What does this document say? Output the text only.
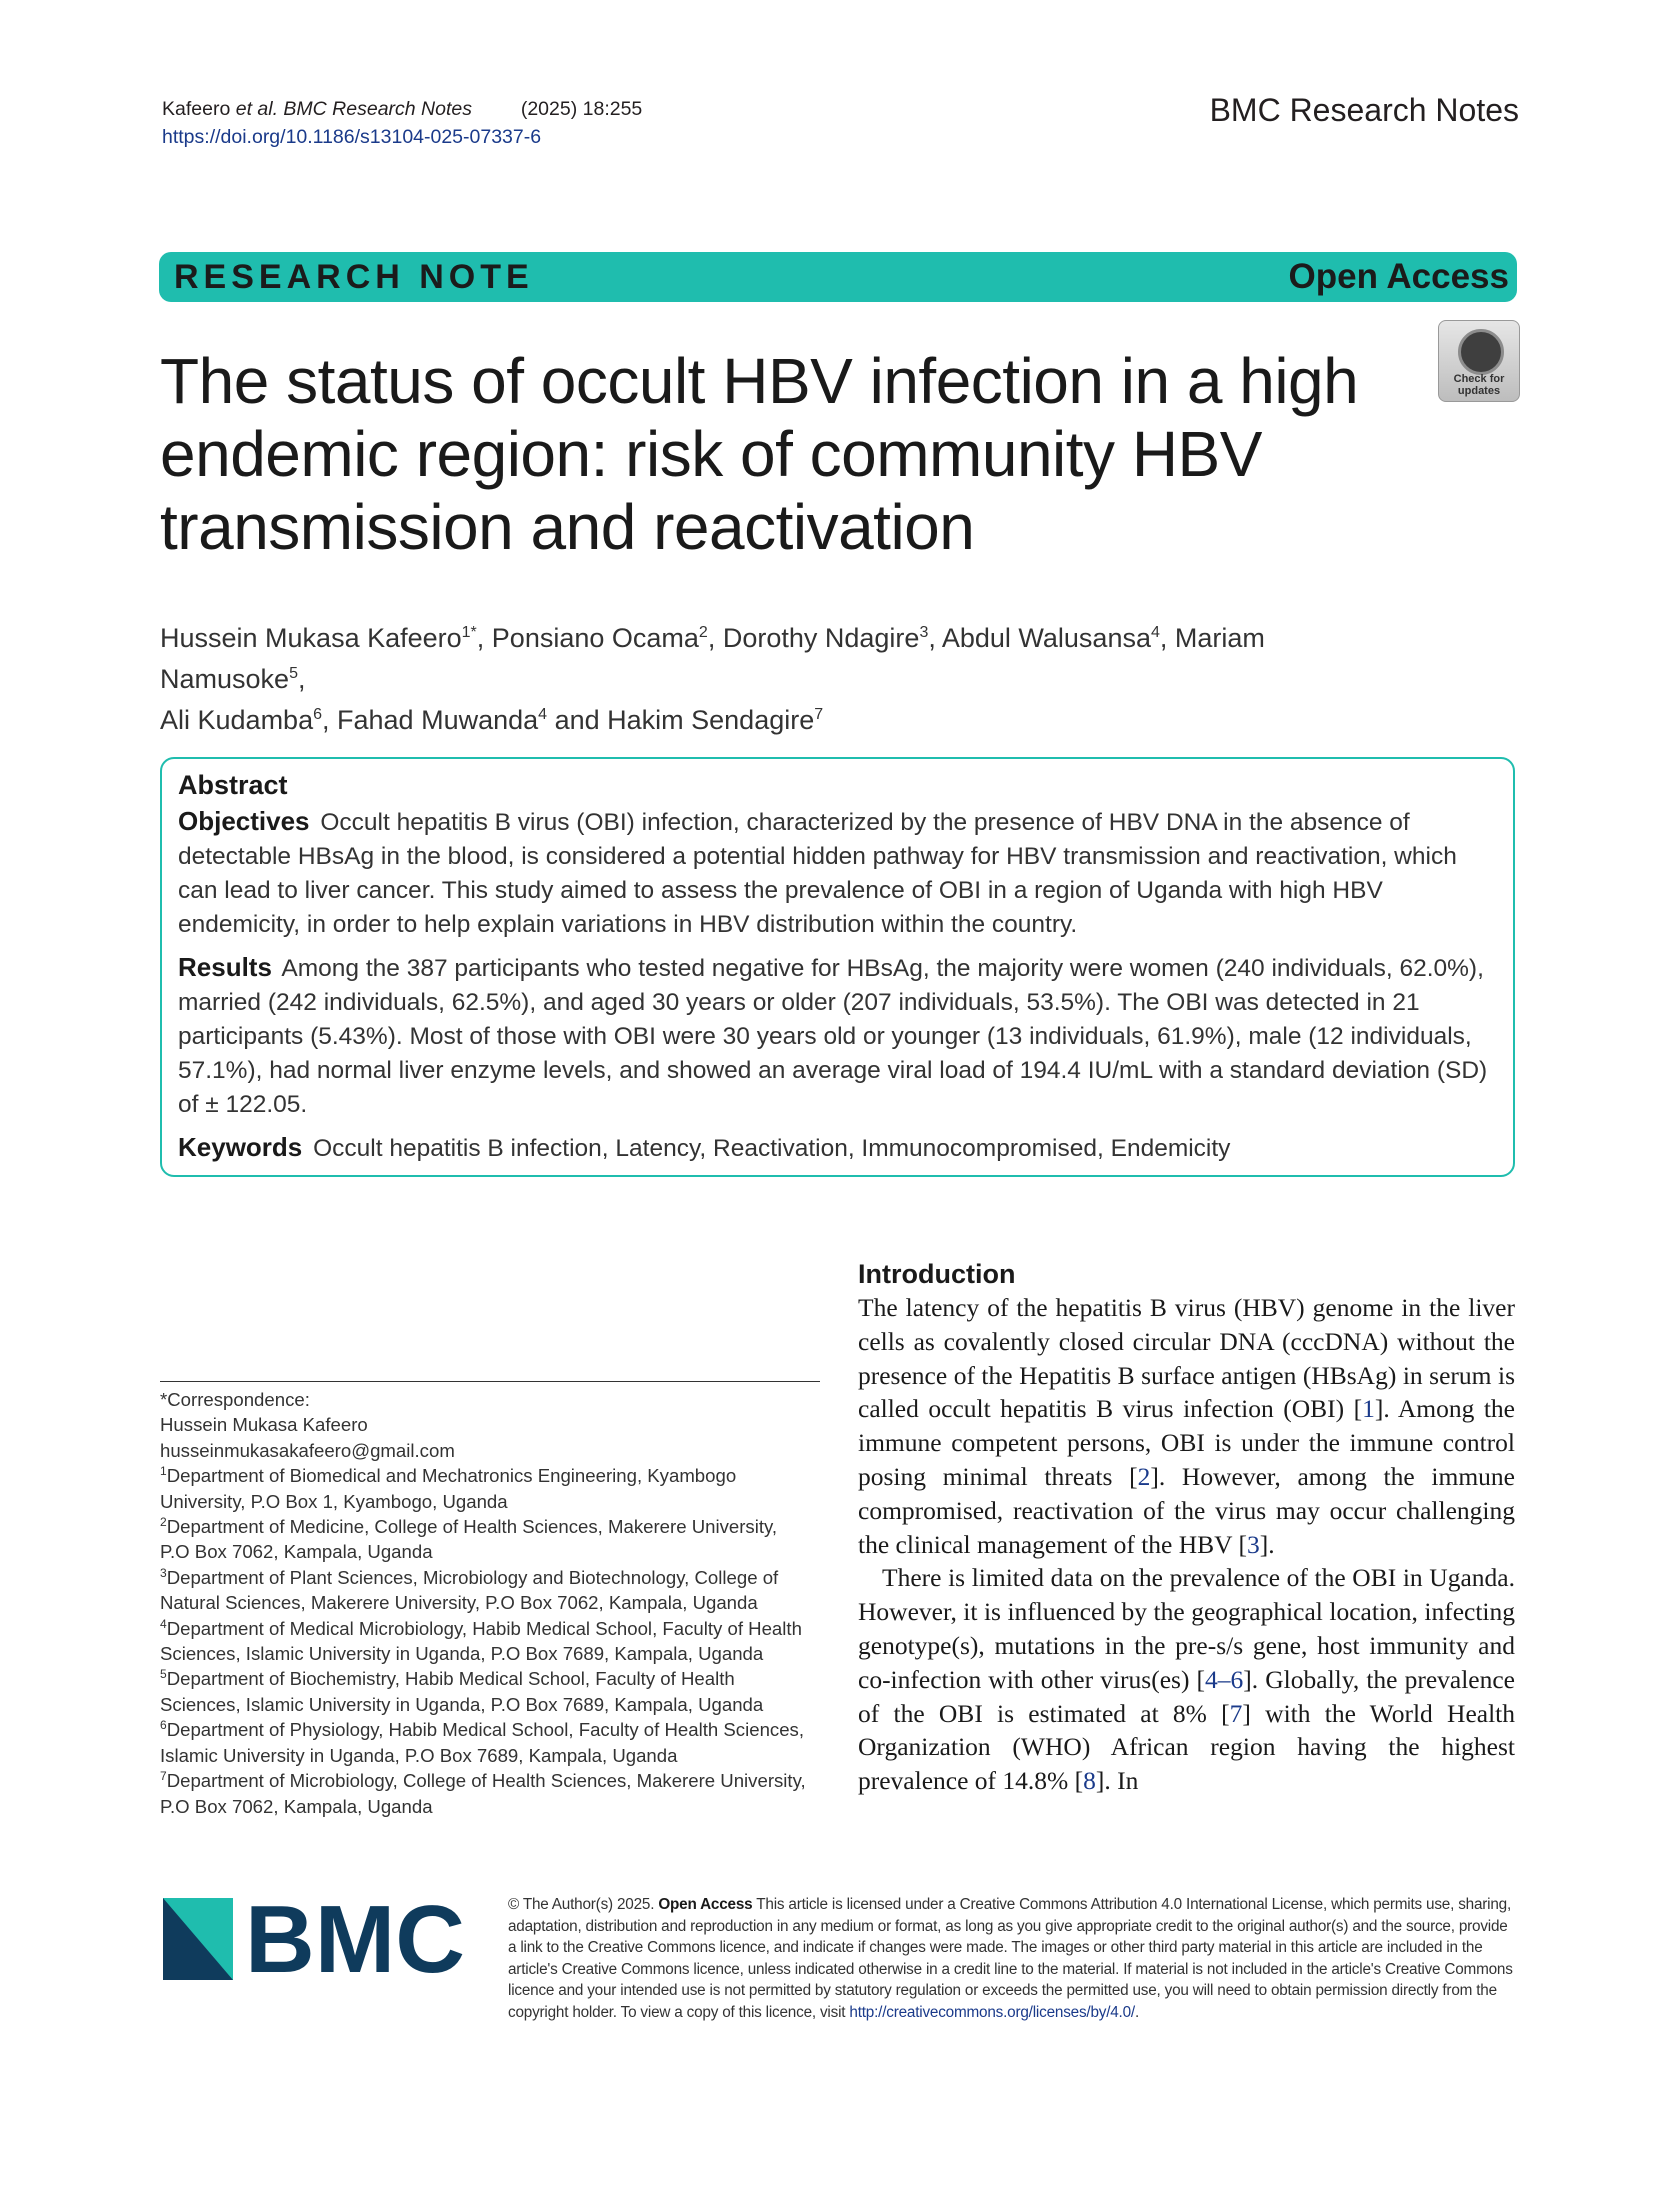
Kafeero et al. BMC Research Notes	(2025) 18:255
https://doi.org/10.1186/s13104-025-07337-6
BMC Research Notes
RESEARCH NOTE	Open Access
The status of occult HBV infection in a high endemic region: risk of community HBV transmission and reactivation
Check for updates
Hussein Mukasa Kafeero$^{1*}$, Ponsiano Ocama$^2$, Dorothy Ndagire$^3$, Abdul Walusansa$^4$, Mariam Namusoke$^5$,
Ali Kudamba$^6$, Fahad Muwanda$^4$ and Hakim Sendagire$^7$
Abstract

Objectives Occult hepatitis B virus (OBI) infection, characterized by the presence of HBV DNA in the absence of detectable HBsAg in the blood, is considered a potential hidden pathway for HBV transmission and reactivation, which can lead to liver cancer. This study aimed to assess the prevalence of OBI in a region of Uganda with high HBV endemicity, in order to help explain variations in HBV distribution within the country.

Results Among the 387 participants who tested negative for HBsAg, the majority were women (240 individuals, 62.0%), married (242 individuals, 62.5%), and aged 30 years or older (207 individuals, 53.5%). The OBI was detected in 21 participants (5.43%). Most of those with OBI were 30 years old or younger (13 individuals, 61.9%), male (12 individuals, 57.1%), had normal liver enzyme levels, and showed an average viral load of 194.4 IU/mL with a standard deviation (SD) of ± 122.05.

Keywords Occult hepatitis B infection, Latency, Reactivation, Immunocompromised, Endemicity

*Correspondence:
Hussein Mukasa Kafeero
husseinmukasakafeero@gmail.com
$^1$Department of Biomedical and Mechatronics Engineering, Kyambogo University, P.O Box 1, Kyambogo, Uganda
$^2$Department of Medicine, College of Health Sciences, Makerere University, P.O Box 7062, Kampala, Uganda
$^3$Department of Plant Sciences, Microbiology and Biotechnology, College of Natural Sciences, Makerere University, P.O Box 7062, Kampala, Uganda
$^4$Department of Medical Microbiology, Habib Medical School, Faculty of Health Sciences, Islamic University in Uganda, P.O Box 7689, Kampala, Uganda
$^5$Department of Biochemistry, Habib Medical School, Faculty of Health Sciences, Islamic University in Uganda, P.O Box 7689, Kampala, Uganda
$^6$Department of Physiology, Habib Medical School, Faculty of Health Sciences, Islamic University in Uganda, P.O Box 7689, Kampala, Uganda
$^7$Department of Microbiology, College of Health Sciences, Makerere University, P.O Box 7062, Kampala, Uganda
Introduction

The latency of the hepatitis B virus (HBV) genome in the liver cells as covalently closed circular DNA (cccDNA) without the presence of the Hepatitis B surface antigen (HBsAg) in serum is called occult hepatitis B virus infection (OBI) [1]. Among the immune competent persons, OBI is under the immune control posing minimal threats [2]. However, among the immune compromised, reactivation of the virus may occur challenging the clinical management of the HBV [3].

There is limited data on the prevalence of the OBI in Uganda. However, it is influenced by the geographical location, infecting genotype(s), mutations in the pre-s/s gene, host immunity and co-infection with other virus(es) [4–6]. Globally, the prevalence of the OBI is estimated at 8% [7] with the World Health Organization (WHO) African region having the highest prevalence of 14.8% [8]. In

BMC	© The Author(s) 2025. Open Access This article is licensed under a Creative Commons Attribution 4.0 International License, which permits use, sharing, adaptation, distribution and reproduction in any medium or format, as long as you give appropriate credit to the original author(s) and the source, provide a link to the Creative Commons licence, and indicate if changes were made. The images or other third party material in this article are included in the article's Creative Commons licence, unless indicated otherwise in a credit line to the material. If material is not included in the article's Creative Commons licence and your intended use is not permitted by statutory regulation or exceeds the permitted use, you will need to obtain permission directly from the copyright holder. To view a copy of this licence, visit http://creativecommons.org/licenses/by/4.0/.
